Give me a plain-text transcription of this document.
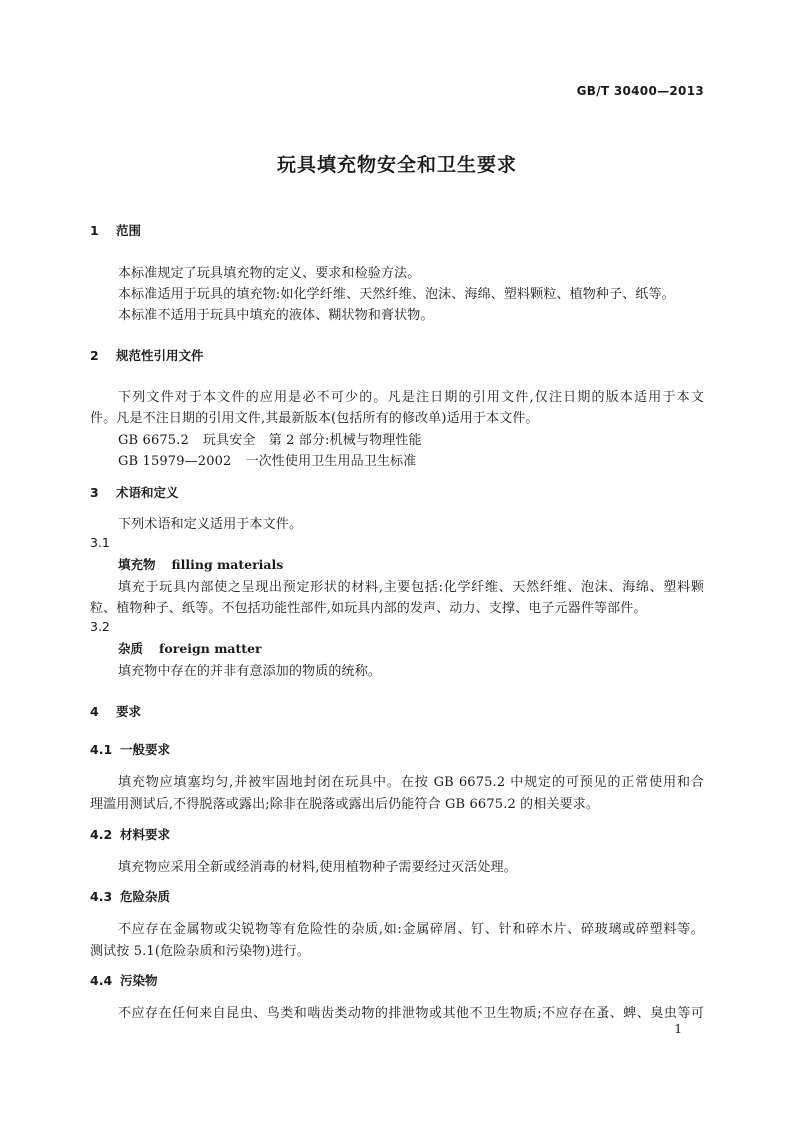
GB/T 30400—2013
玩具填充物安全和卫生要求
1 范围
本标准规定了玩具填充物的定义、要求和检验方法。
本标准适用于玩具的填充物:如化学纤维、天然纤维、泡沫、海绵、塑料颗粒、植物种子、纸等。
本标准不适用于玩具中填充的液体、糊状物和膏状物。
2 规范性引用文件
下列文件对于本文件的应用是必不可少的。凡是注日期的引用文件,仅注日期的版本适用于本文
件。凡是不注日期的引用文件,其最新版本(包括所有的修改单)适用于本文件。
GB 6675.2 玩具安全　第 2 部分:机械与物理性能
GB 15979—2002 一次性使用卫生用品卫生标准
3 术语和定义
下列术语和定义适用于本文件。
3.1
填充物 filling materials
填充于玩具内部使之呈现出预定形状的材料,主要包括:化学纤维、天然纤维、泡沫、海绵、塑料颗
粒、植物种子、纸等。不包括功能性部件,如玩具内部的发声、动力、支撑、电子元器件等部件。
3.2
杂质 foreign matter
填充物中存在的并非有意添加的物质的统称。
4 要求
4.1 一般要求
填充物应填塞均匀,并被牢固地封闭在玩具中。在按 GB 6675.2 中规定的可预见的正常使用和合
理滥用测试后,不得脱落或露出;除非在脱落或露出后仍能符合 GB 6675.2 的相关要求。
4.2 材料要求
填充物应采用全新或经消毒的材料,使用植物种子需要经过灭活处理。
4.3 危险杂质
不应存在金属物或尖锐物等有危险性的杂质,如:金属碎屑、钉、针和碎木片、碎玻璃或碎塑料等。
测试按 5.1(危险杂质和污染物)进行。
4.4 污染物
不应存在任何来自昆虫、鸟类和啮齿类动物的排泄物或其他不卫生物质;不应存在蚤、蜱、臭虫等可
1
